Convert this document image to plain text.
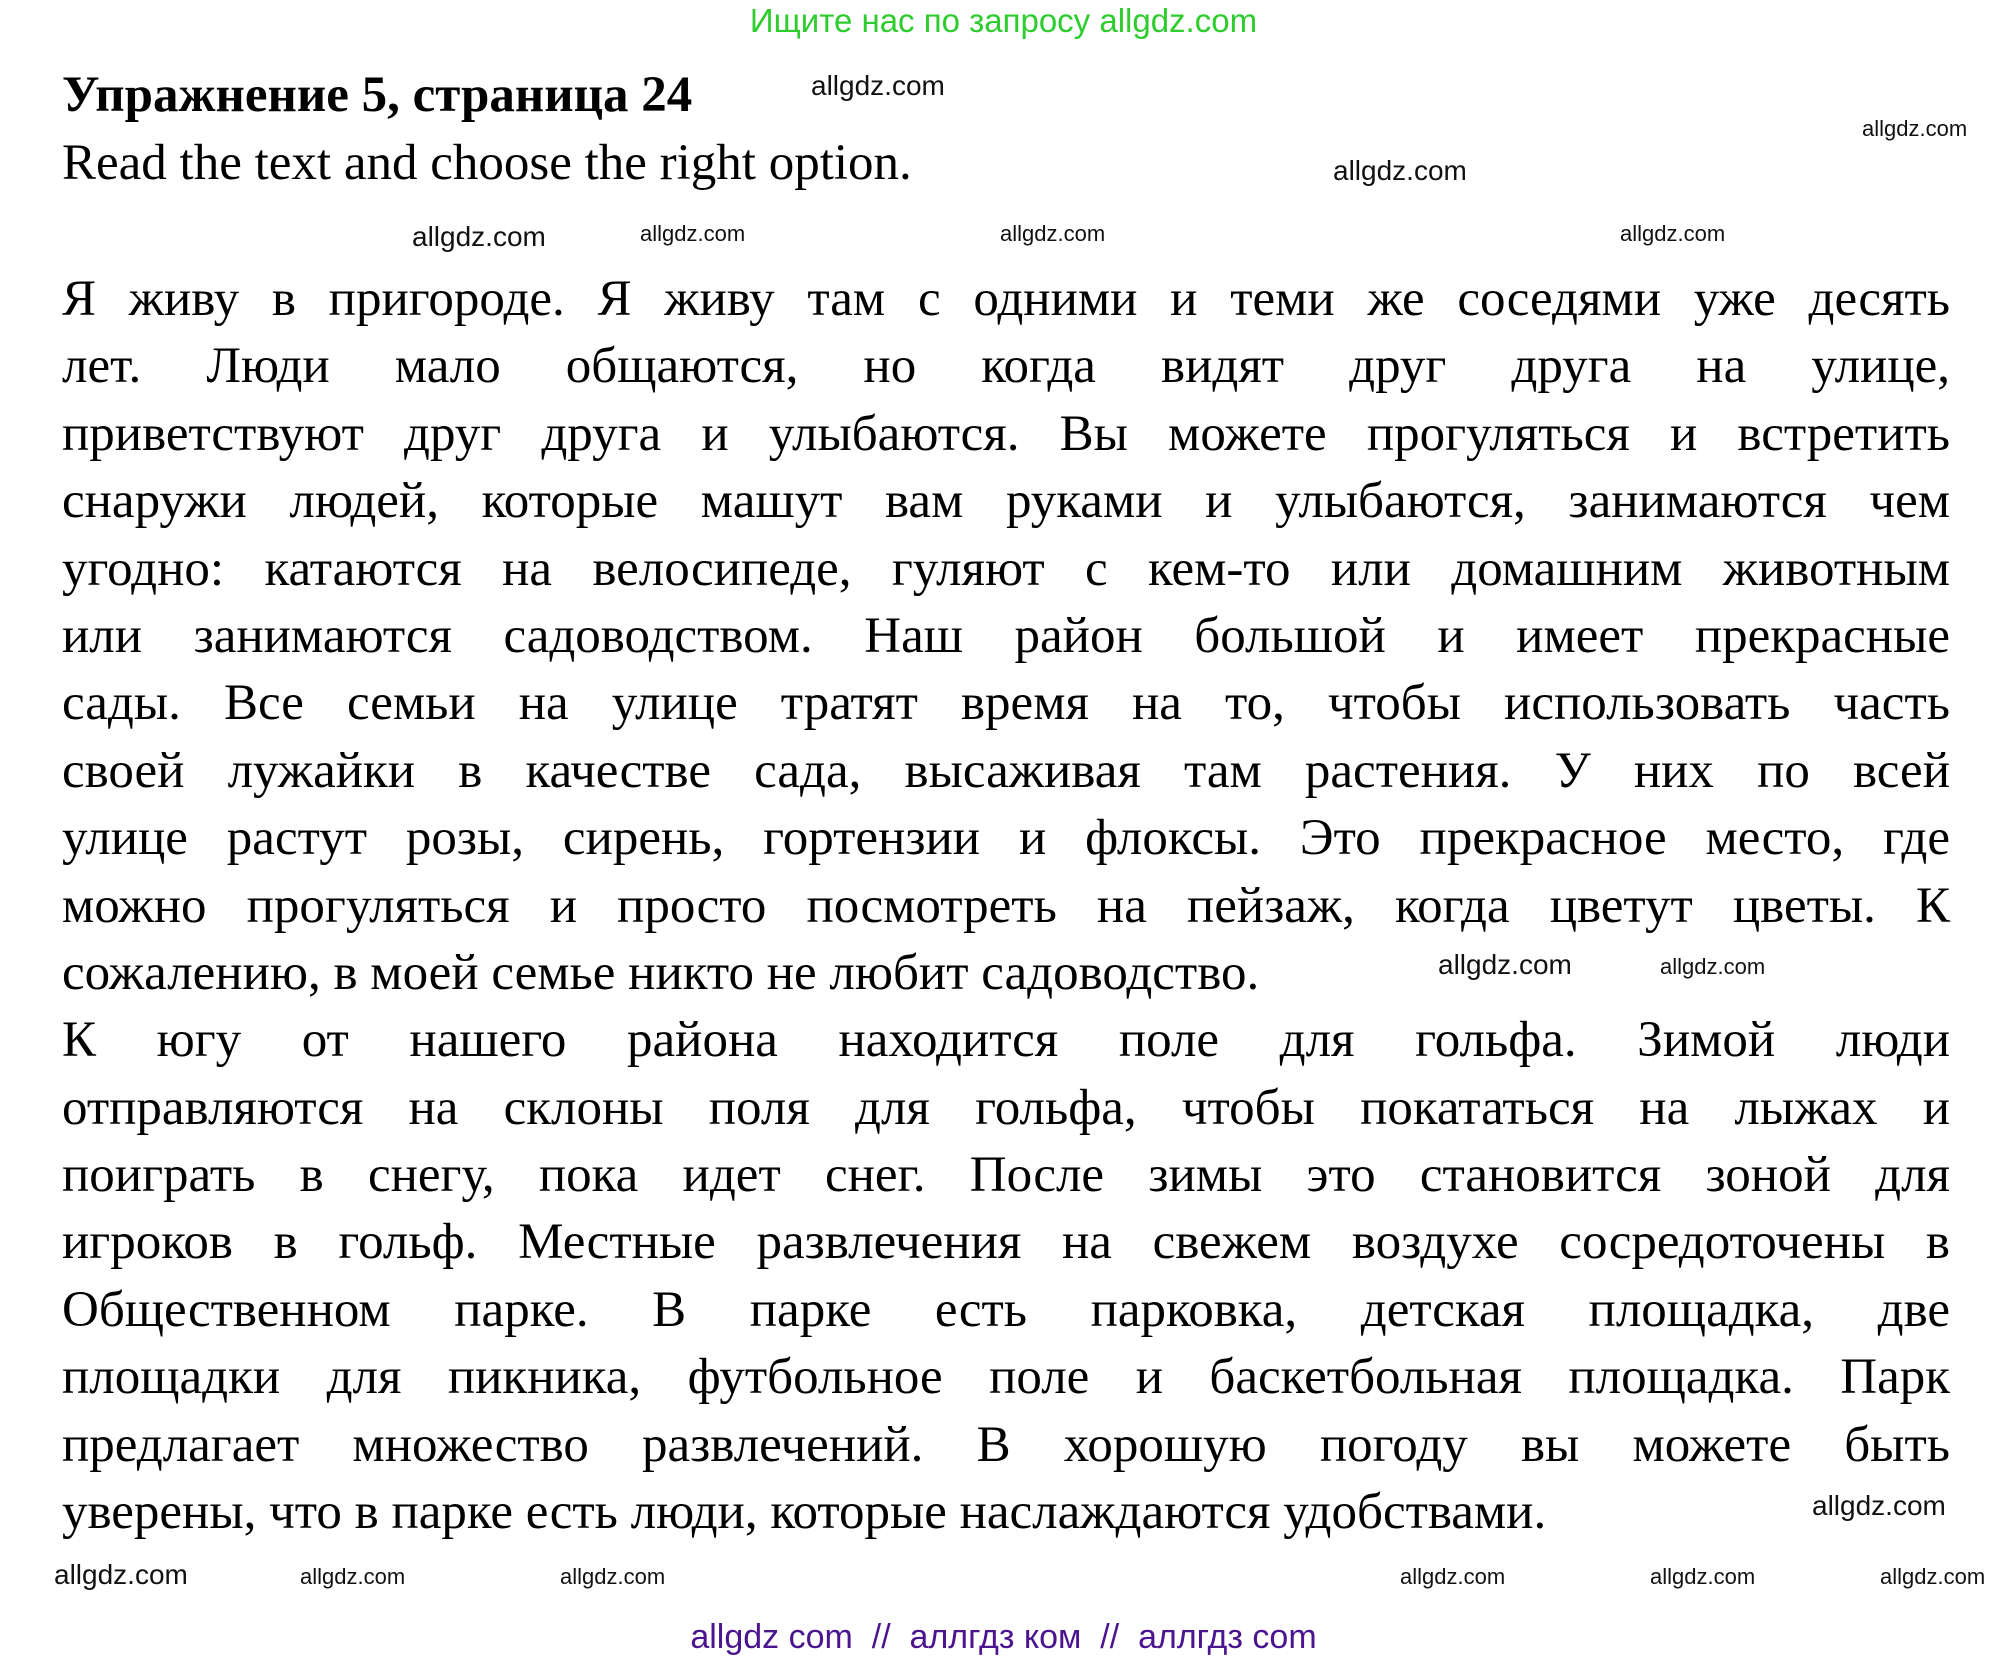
Ищите нас по запросу allgdz.com
Упражнение 5, страница 24
Read the text and choose the right option.
Я живу в пригороде. Я живу там с одними и теми же соседями уже десять
лет. Люди мало общаются, но когда видят друг друга на улице,
приветствуют друг друга и улыбаются. Вы можете прогуляться и встретить
снаружи людей, которые машут вам руками и улыбаются, занимаются чем
угодно: катаются на велосипеде, гуляют с кем-то или домашним животным
или занимаются садоводством. Наш район большой и имеет прекрасные
сады. Все семьи на улице тратят время на то, чтобы использовать часть
своей лужайки в качестве сада, высаживая там растения. У них по всей
улице растут розы, сирень, гортензии и флоксы. Это прекрасное место, где
можно прогуляться и просто посмотреть на пейзаж, когда цветут цветы. К
сожалению, в моей семье никто не любит садоводство.
К югу от нашего района находится поле для гольфа. Зимой люди
отправляются на склоны поля для гольфа, чтобы покататься на лыжах и
поиграть в снегу, пока идет снег. После зимы это становится зоной для
игроков в гольф. Местные развлечения на свежем воздухе сосредоточены в
Общественном парке. В парке есть парковка, детская площадка, две
площадки для пикника, футбольное поле и баскетбольная площадка. Парк
предлагает множество развлечений. В хорошую погоду вы можете быть
уверены, что в парке есть люди, которые наслаждаются удобствами.
allgdz.com
allgdz.com
allgdz.com
allgdz.com	allgdz.com	allgdz.com	allgdz.com
allgdz.com	allgdz.com
allgdz.com
allgdz.com	allgdz.com	allgdz.com	allgdz.com	allgdz.com	allgdz.com
allgdz com  //  аллгдз ком  //  аллгдз com
